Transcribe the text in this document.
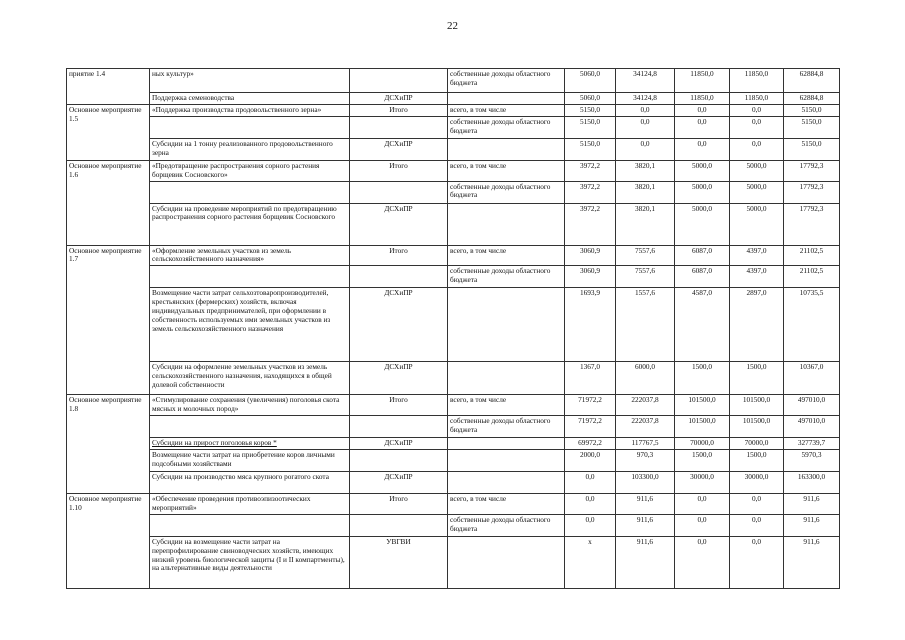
22
приятие 1.4	ных культур»		собственные доходы областного бюджета	5060,0	34124,8	11850,0	11850,0	62884,8
	Поддержка семеноводства	ДСХиПР		5060,0	34124,8	11850,0	11850,0	62884,8
Основное мероприятие 1.5	«Поддержка производства продовольственного зерна»	Итого	всего, в том числе	5150,0	0,0	0,0	0,0	5150,0
			собственные доходы областного бюджета	5150,0	0,0	0,0	0,0	5150,0
	Субсидии на 1 тонну реализованного продовольственного зерна	ДСХиПР		5150,0	0,0	0,0	0,0	5150,0
Основное мероприятие 1.6	«Предотвращение распространения сорного растения борщевик Сосновского»	Итого	всего, в том числе	3972,2	3820,1	5000,0	5000,0	17792,3
			собственные доходы областного бюджета	3972,2	3820,1	5000,0	5000,0	17792,3
	Субсидии на проведение мероприятий по предотвращению распространения сорного растения борщевик Сосновского	ДСХиПР		3972,2	3820,1	5000,0	5000,0	17792,3
Основное мероприятие 1.7	«Оформление земельных участков из земель сельскохозяйственного назначения»	Итого	всего, в том числе	3060,9	7557,6	6087,0	4397,0	21102,5
			собственные доходы областного бюджета	3060,9	7557,6	6087,0	4397,0	21102,5
	Возмещение части затрат сельхозтоваропроизводителей, крестьянских (фермерских) хозяйств, включая индивидуальных предпринимателей, при оформлении в собственность используемых ими земельных участков из земель сельскохозяйственного назначения	ДСХиПР		1693,9	1557,6	4587,0	2897,0	10735,5
	Субсидии на оформление земельных участков из земель сельскохозяйственного назначения, находящихся в общей долевой собственности	ДСХиПР		1367,0	6000,0	1500,0	1500,0	10367,0
Основное мероприятие 1.8	«Стимулирование сохранения (увеличения) поголовья скота мясных и молочных пород»	Итого	всего, в том числе	71972,2	222037,8	101500,0	101500,0	497010,0
			собственные доходы областного бюджета	71972,2	222037,8	101500,0	101500,0	497010,0
	Субсидии на прирост поголовья коров *	ДСХиПР		69972,2	117767,5	70000,0	70000,0	327739,7
	Возмещение части затрат на приобретение коров личными подсобными хозяйствами			2000,0	970,3	1500,0	1500,0	5970,3
	Субсидии на производство мяса крупного рогатого скота	ДСХиПР		0,0	103300,0	30000,0	30000,0	163300,0
Основное мероприятие 1.10	«Обеспечение проведения противоэпизоотических мероприятий»	Итого	всего, в том числе	0,0	911,6	0,0	0,0	911,6
			собственные доходы областного бюджета	0,0	911,6	0,0	0,0	911,6
	Субсидии на возмещение части затрат на перепрофилирование свиноводческих хозяйств, имеющих низкий уровень биологической защиты (I и II компартменты), на альтернативные виды деятельности	УВГВИ		x	911,6	0,0	0,0	911,6
